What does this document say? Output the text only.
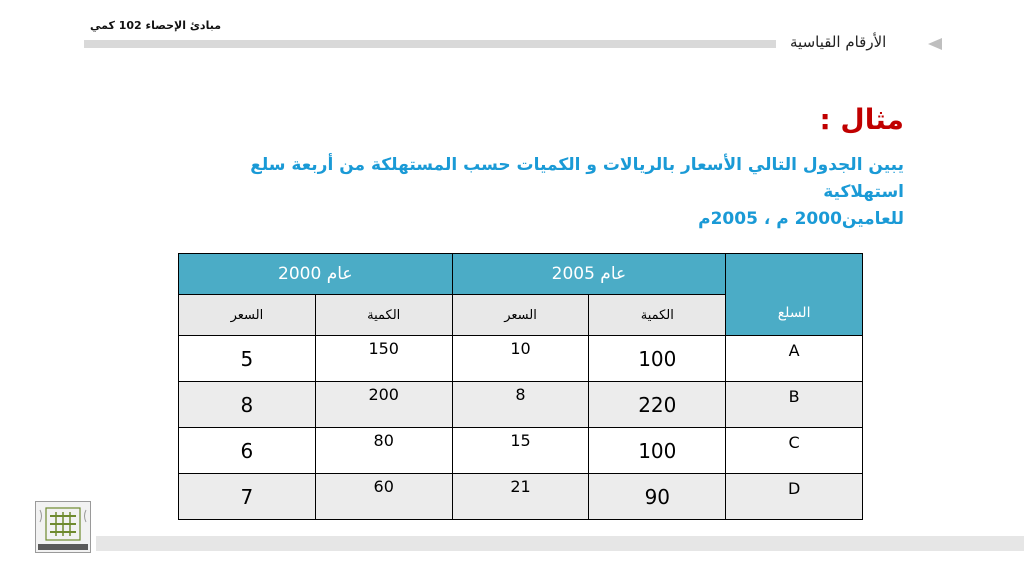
مبادئ الإحصاء 102 كمي
الأرقام القياسية
مثال :
يبين الجدول التالي الأسعار بالريالات و الكميات حسب المستهلكة من أربعة سلع استهلاكية
للعامين2000 م ، 2005م
السلع	عام 2005		عام 2000	
	الكمية	السعر	الكمية	السعر
A	100	10	150	5
B	220	8	200	8
C	100	15	80	6
D	90	21	60	7
